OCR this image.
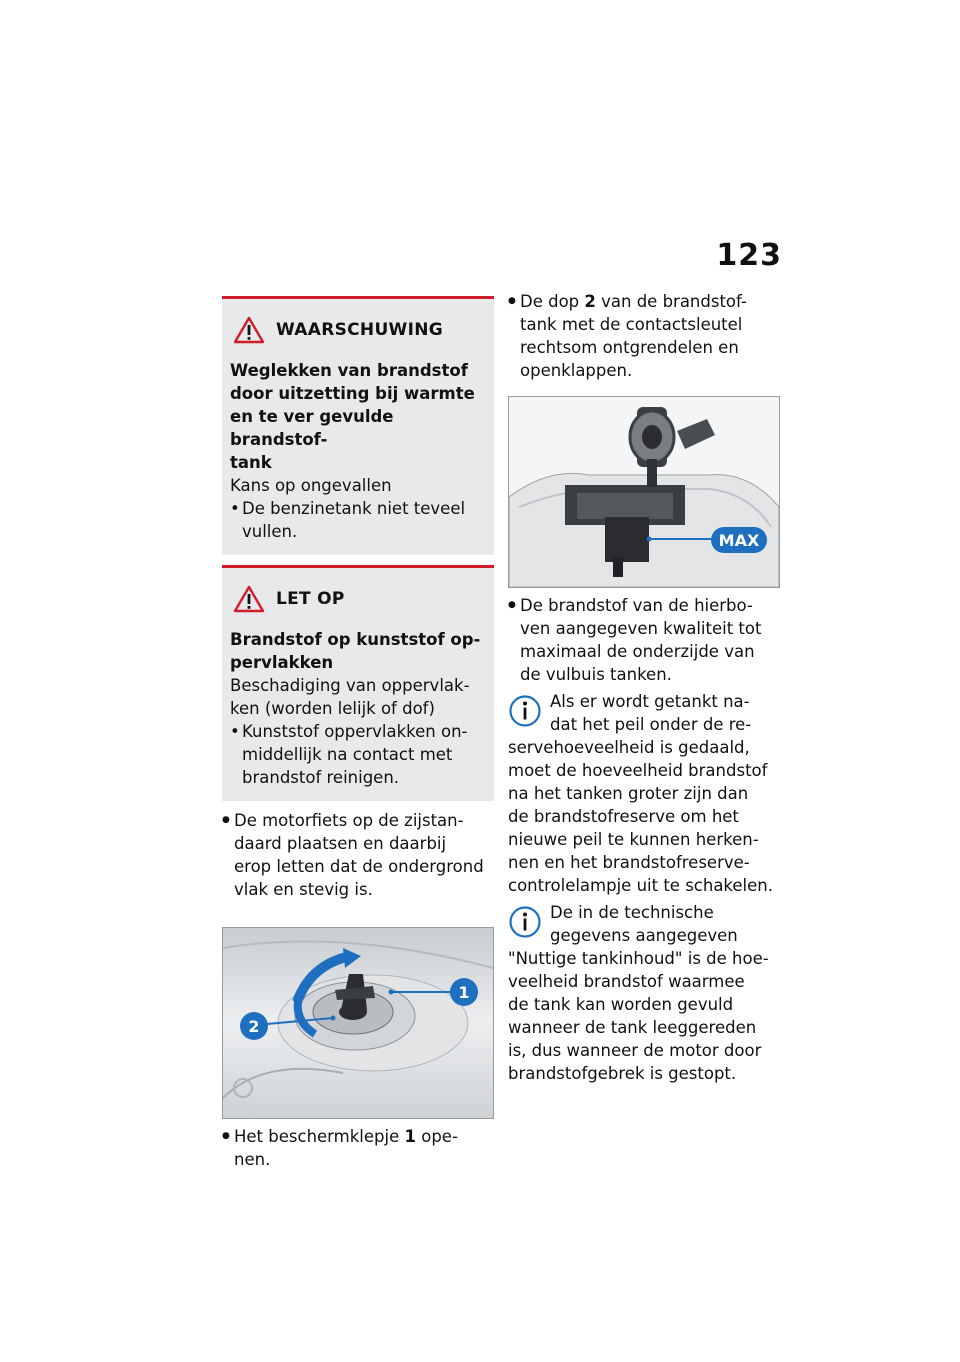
123
WAARSCHUWING

Weglekken van brandstof
door uitzetting bij warmte
en te ver gevulde brandstof-
tank

Kans op ongevallen

• De benzinetank niet teveel
vullen.
LET OP

Brandstof op kunststof op-
pervlakken

Beschadiging van oppervlak-
ken (worden lelijk of dof)

• Kunststof oppervlakken on-
middellijk na contact met
brandstof reinigen.

● De motorfiets op de zijstan-
daard plaatsen en daarbij
erop letten dat de ondergrond
vlak en stevig is.

1
2

● Het beschermklepje 1 ope-
nen.

● De dop 2 van de brandstof-
tank met de contactsleutel
rechtsom ontgrendelen en
openklappen.

MAX

● De brandstof van de hierbo-
ven aangegeven kwaliteit tot
maximaal de onderzijde van
de vulbuis tanken.

Als er wordt getankt na-
dat het peil onder de re-
servehoeveelheid is gedaald,
moet de hoeveelheid brandstof
na het tanken groter zijn dan
de brandstofreserve om het
nieuwe peil te kunnen herken-
nen en het brandstofreserve-
controlelampje uit te schakelen.
De in de technische
gegevens aangegeven
"Nuttige tankinhoud" is de hoe-
veelheid brandstof waarmee
de tank kan worden gevuld
wanneer de tank leeggereden
is, dus wanneer de motor door
brandstofgebrek is gestopt.
